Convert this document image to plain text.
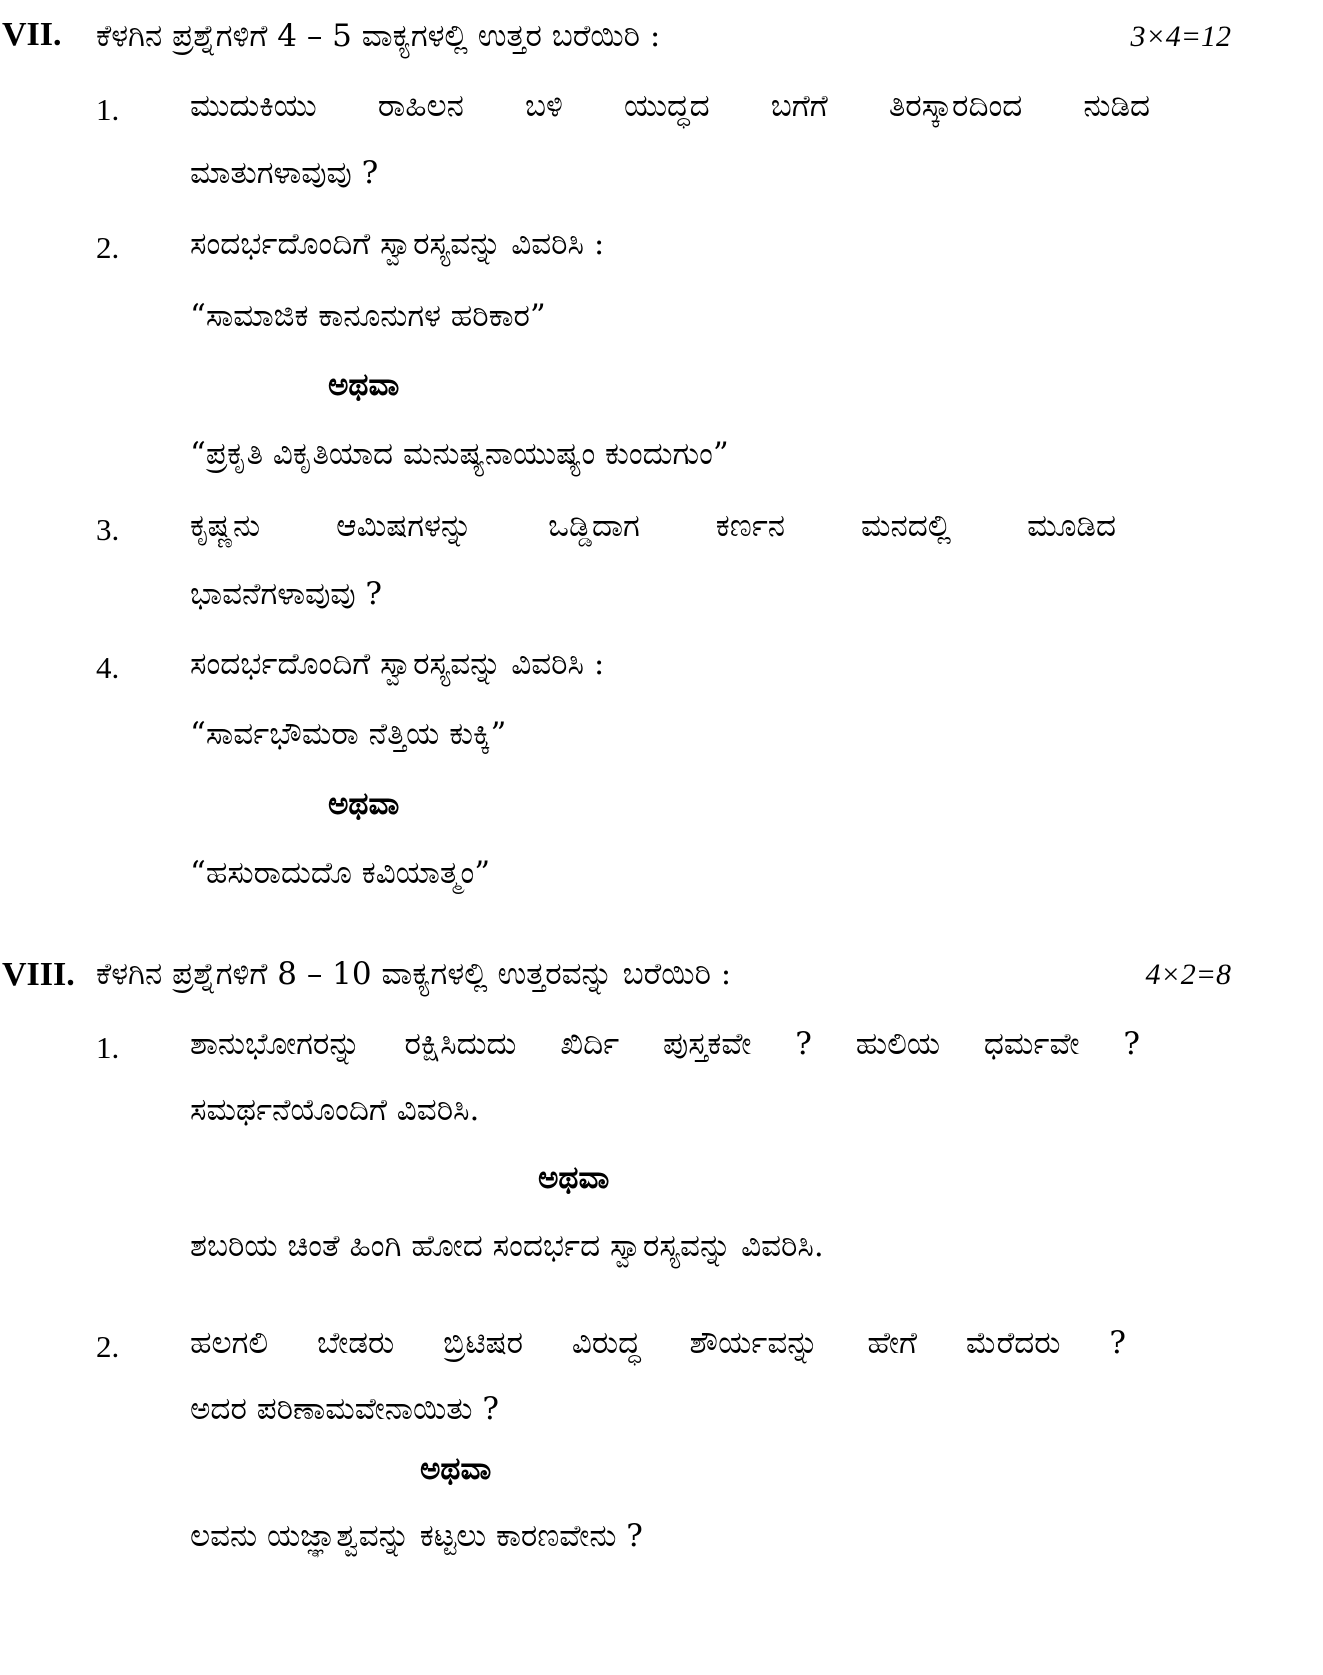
VII. ಕೆಳಗಿನ ಪ್ರಶ್ನೆಗಳಿಗೆ 4 – 5 ವಾಕ್ಯಗಳಲ್ಲಿ ಉತ್ತರ ಬರೆಯಿರಿ :	3×4=12
1. ಮುದುಕಿಯು ರಾಹಿಲನ ಬಳಿ ಯುದ್ಧದ ಬಗೆಗೆ ತಿರಸ್ಕಾರದಿಂದ ನುಡಿದ
ಮಾತುಗಳಾವುವು ?
2. ಸಂದರ್ಭದೊಂದಿಗೆ ಸ್ವಾರಸ್ಯವನ್ನು ವಿವರಿಸಿ :
“ಸಾಮಾಜಿಕ ಕಾನೂನುಗಳ ಹರಿಕಾರ”
ಅಥವಾ
“ಪ್ರಕೃತಿ ವಿಕೃತಿಯಾದ ಮನುಷ್ಯನಾಯುಷ್ಯಂ ಕುಂದುಗುಂ”
3. ಕೃಷ್ಣನು ಆಮಿಷಗಳನ್ನು ಒಡ್ಡಿದಾಗ ಕರ್ಣನ ಮನದಲ್ಲಿ ಮೂಡಿದ
ಭಾವನೆಗಳಾವುವು ?
4. ಸಂದರ್ಭದೊಂದಿಗೆ ಸ್ವಾರಸ್ಯವನ್ನು ವಿವರಿಸಿ :
“ಸಾರ್ವಭೌಮರಾ ನೆತ್ತಿಯ ಕುಕ್ಕಿ”
ಅಥವಾ
“ಹಸುರಾದುದೊ ಕವಿಯಾತ್ಮಂ”
VIII. ಕೆಳಗಿನ ಪ್ರಶ್ನೆಗಳಿಗೆ 8 – 10 ವಾಕ್ಯಗಳಲ್ಲಿ ಉತ್ತರವನ್ನು ಬರೆಯಿರಿ :	4×2=8
1. ಶಾನುಭೋಗರನ್ನು ರಕ್ಷಿಸಿದುದು ಖಿರ್ದಿ ಪುಸ್ತಕವೇ ? ಹುಲಿಯ ಧರ್ಮವೇ ?
ಸಮರ್ಥನೆಯೊಂದಿಗೆ ವಿವರಿಸಿ.
ಅಥವಾ
ಶಬರಿಯ ಚಿಂತೆ ಹಿಂಗಿ ಹೋದ ಸಂದರ್ಭದ ಸ್ವಾರಸ್ಯವನ್ನು ವಿವರಿಸಿ.
2. ಹಲಗಲಿ ಬೇಡರು ಬ್ರಿಟಿಷರ ವಿರುದ್ಧ ಶೌರ್ಯವನ್ನು ಹೇಗೆ ಮೆರೆದರು ?
ಅದರ ಪರಿಣಾಮವೇನಾಯಿತು ?
ಅಥವಾ
ಲವನು ಯಜ್ಞಾಶ್ವವನ್ನು ಕಟ್ಟಲು ಕಾರಣವೇನು ?
